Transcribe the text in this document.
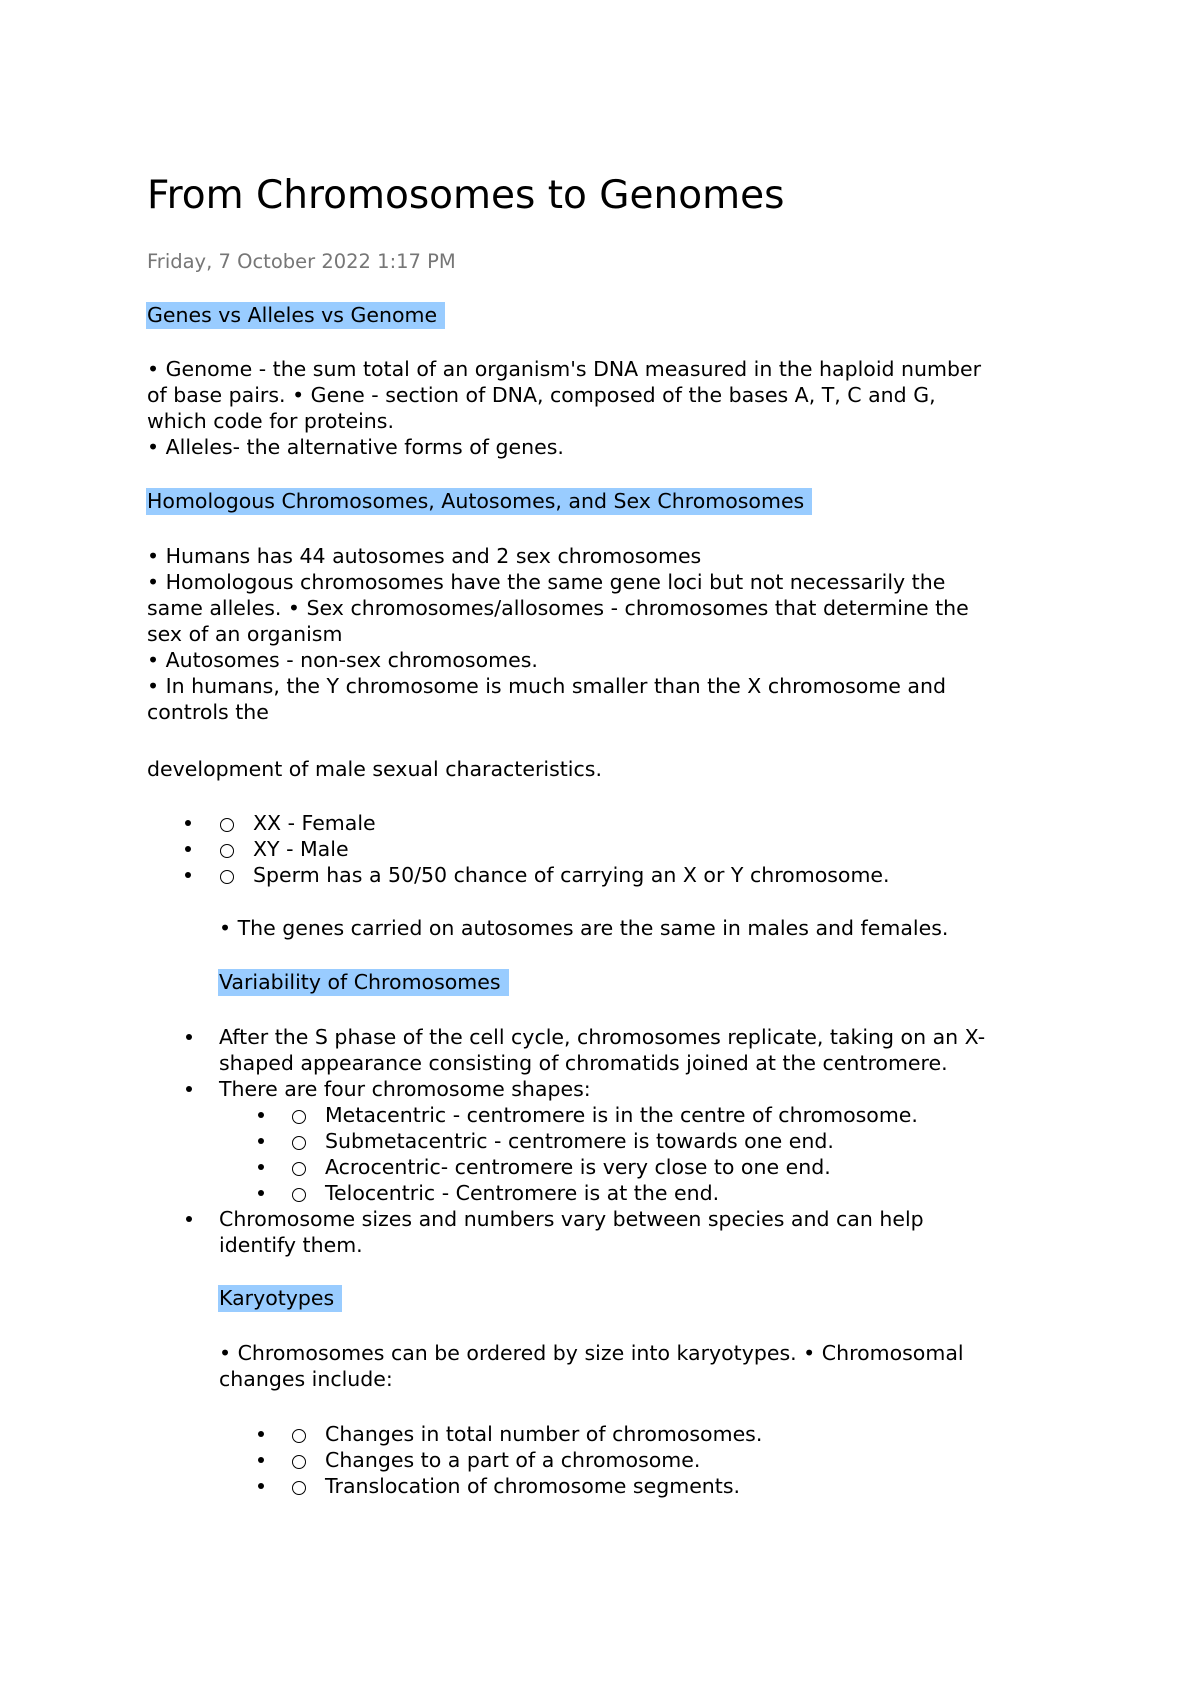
From Chromosomes to Genomes
Friday, 7 October 2022 1:17 PM
Genes vs Alleles vs Genome
• Genome - the sum total of an organism's DNA measured in the haploid number
of base pairs. • Gene - section of DNA, composed of the bases A, T, C and G,
which code for proteins.
• Alleles- the alternative forms of genes.
Homologous Chromosomes, Autosomes, and Sex Chromosomes
• Humans has 44 autosomes and 2 sex chromosomes
• Homologous chromosomes have the same gene loci but not necessarily the
same alleles. • Sex chromosomes/allosomes - chromosomes that determine the
sex of an organism
• Autosomes - non-sex chromosomes.
• In humans, the Y chromosome is much smaller than the X chromosome and
controls the
development of male sexual characteristics.
XX - Female
XY - Male
Sperm has a 50/50 chance of carrying an X or Y chromosome.
• The genes carried on autosomes are the same in males and females.
Variability of Chromosomes
After the S phase of the cell cycle, chromosomes replicate, taking on an X-
shaped appearance consisting of chromatids joined at the centromere.
There are four chromosome shapes:
Metacentric - centromere is in the centre of chromosome.
Submetacentric - centromere is towards one end.
Acrocentric- centromere is very close to one end.
Telocentric - Centromere is at the end.
Chromosome sizes and numbers vary between species and can help
identify them.
Karyotypes
• Chromosomes can be ordered by size into karyotypes. • Chromosomal
changes include:
Changes in total number of chromosomes.
Changes to a part of a chromosome.
Translocation of chromosome segments.
